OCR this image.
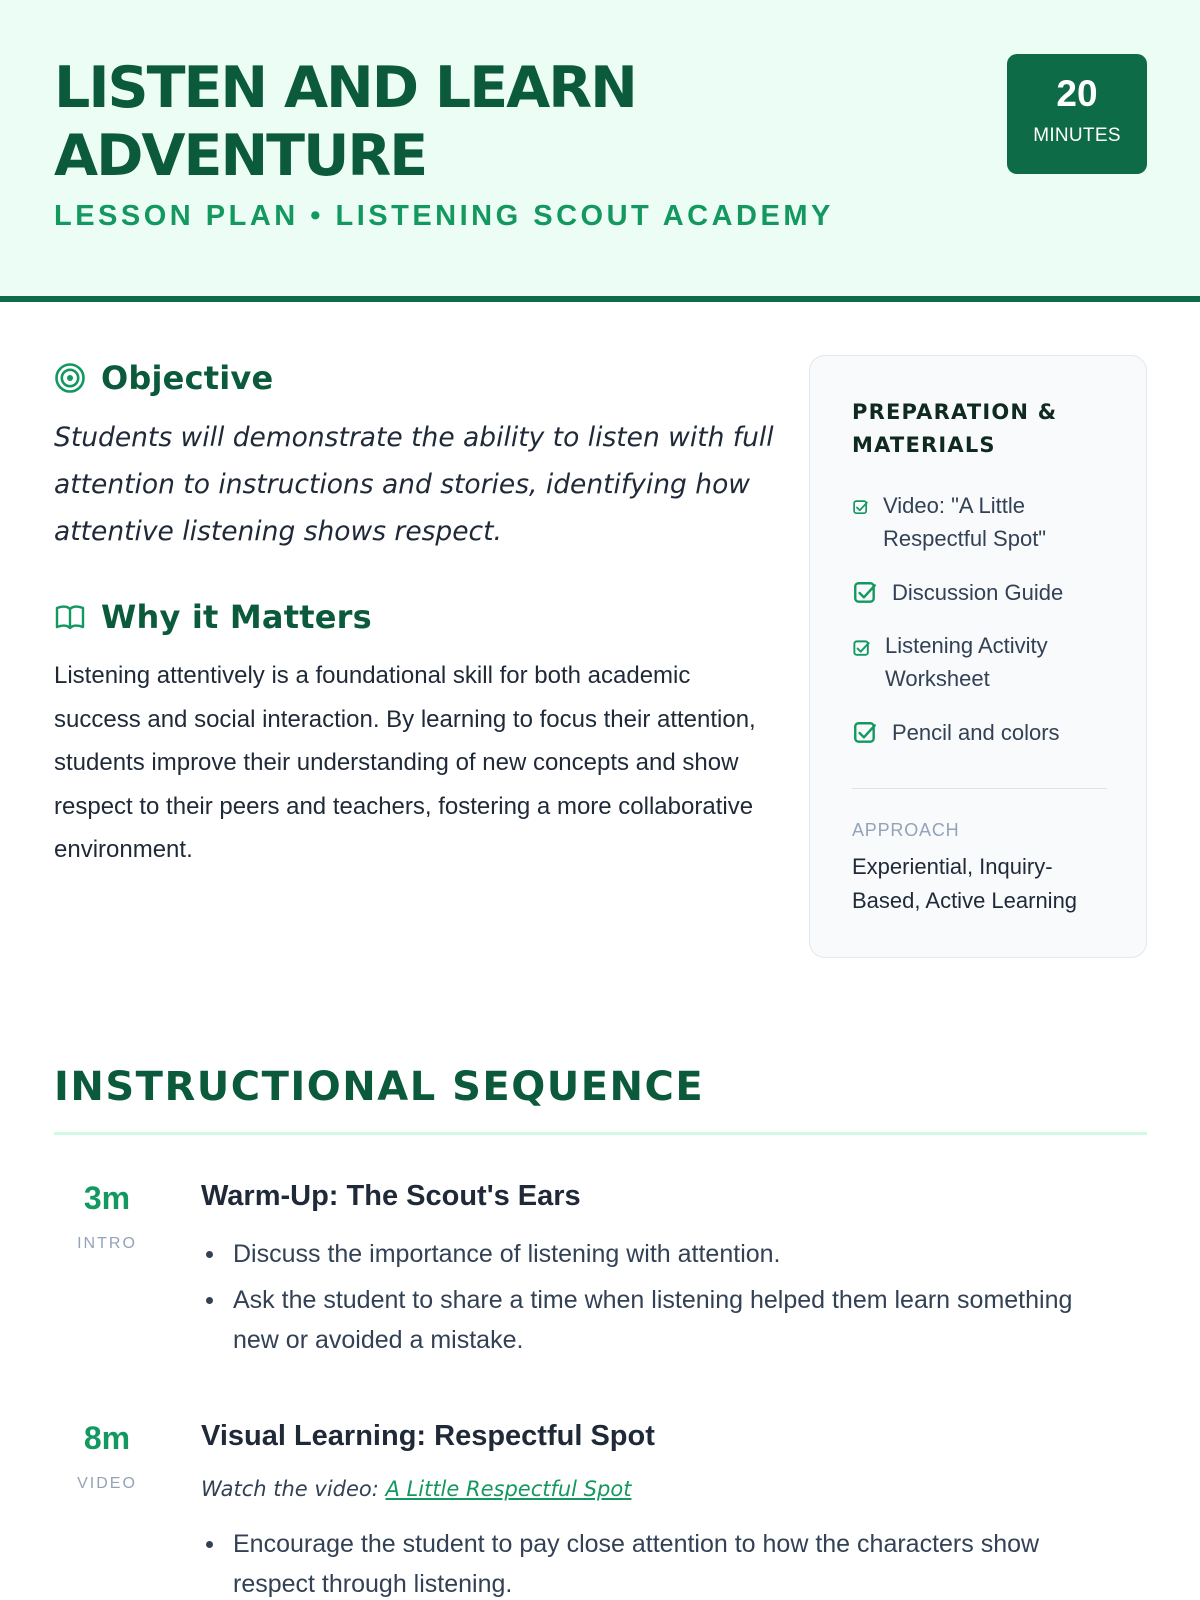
LISTEN AND LEARN
ADVENTURE
LESSON PLAN • LISTENING SCOUT ACADEMY
20
MINUTES
Objective

Students will demonstrate the ability to listen with full attention to instructions and stories, identifying how attentive listening shows respect.

Why it Matters

Listening attentively is a foundational skill for both academic success and social interaction. By learning to focus their attention, students improve their understanding of new concepts and show respect to their peers and teachers, fostering a more collaborative environment.

PREPARATION & MATERIALS
Video: "A Little Respectful Spot"
Discussion Guide
Listening Activity Worksheet
Pencil and colors
APPROACH
Experiential, Inquiry-Based, Active Learning
INSTRUCTIONAL SEQUENCE
3m
INTRO
Warm-Up: The Scout's Ears
Discuss the importance of listening with attention.
Ask the student to share a time when listening helped them learn something new or avoided a mistake.
8m
VIDEO
Visual Learning: Respectful Spot
Watch the video: A Little Respectful Spot
Encourage the student to pay close attention to how the characters show respect through listening.
